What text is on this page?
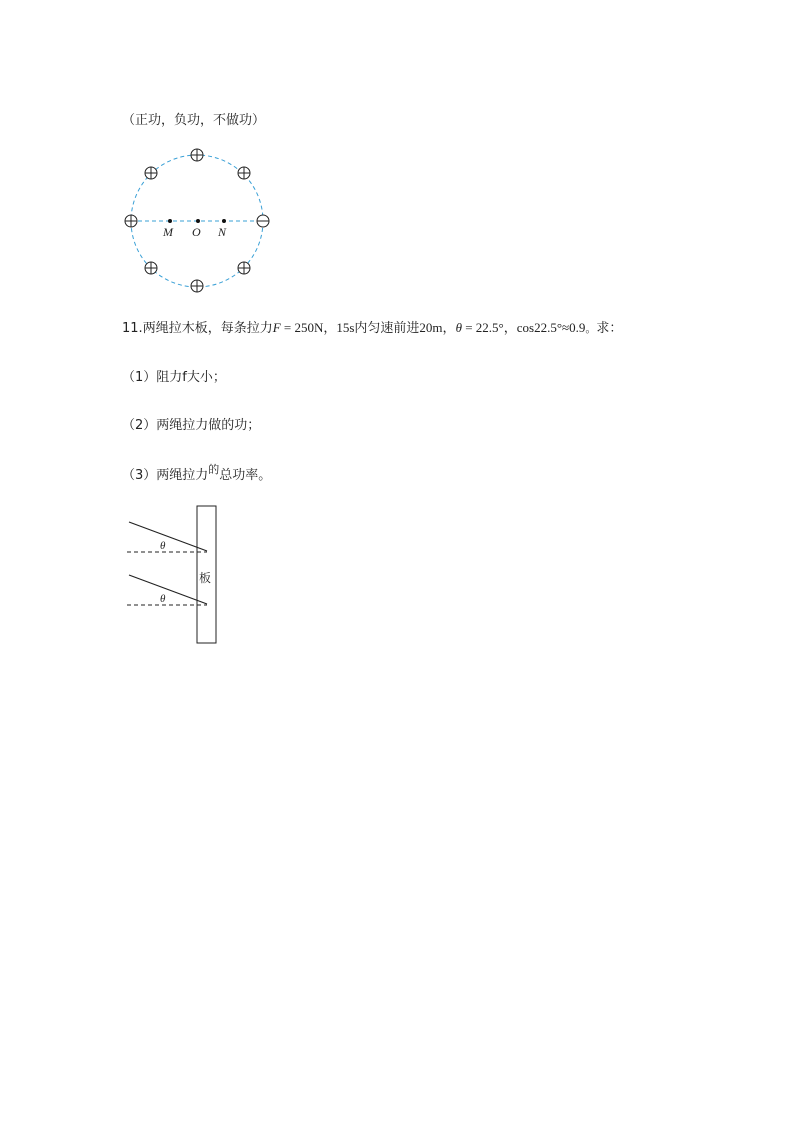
（正功，负功，不做功）
M O N
11.两绳拉木板，每条拉力F = 250N，15s内匀速前进20m，θ = 22.5°，cos22.5°≈0.9。求：
（1）阻力f大小；
（2）两绳拉力做的功；
（3）两绳拉力$^的$总功率。
板
θ
θ
